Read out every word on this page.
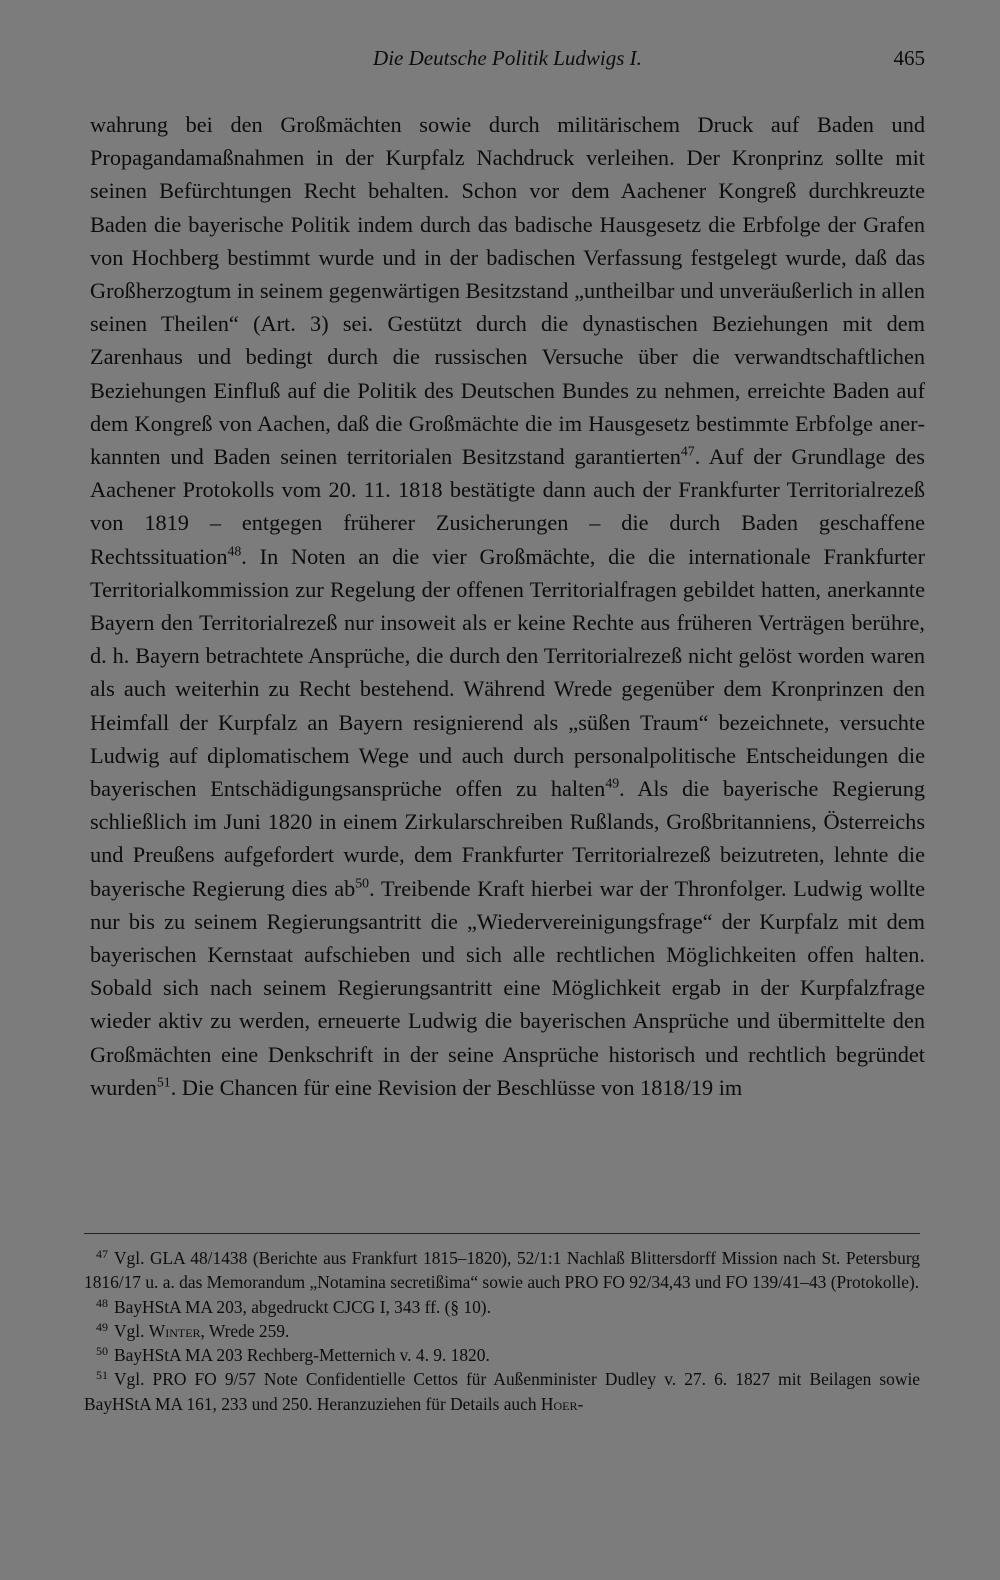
Die Deutsche Politik Ludwigs I.	465

wahrung bei den Großmächten sowie durch militärischem Druck auf Baden und Propagandamaßnahmen in der Kurpfalz Nachdruck verleihen. Der Kronprinz sollte mit seinen Befürchtungen Recht behalten. Schon vor dem Aachener Kongreß durchkreuzte Baden die bayerische Politik indem durch das badische Hausgesetz die Erbfolge der Grafen von Hochberg bestimmt wurde und in der badischen Verfassung festgelegt wurde, daß das Großherzogtum in seinem gegenwärtigen Besitzstand „untheilbar und unveräußerlich in allen seinen Theilen“ (Art. 3) sei. Gestützt durch die dynastischen Beziehungen mit dem Zarenhaus und bedingt durch die russischen Versuche über die verwandtschaftlichen Beziehungen Einfluß auf die Politik des Deutschen Bundes zu nehmen, erreichte Baden auf dem Kongreß von Aachen, daß die Großmächte die im Hausgesetz bestimmte Erbfolge anerkannten und Baden seinen territorialen Besitzstand garantierten$^{47}$. Auf der Grundlage des Aachener Protokolls vom 20. 11. 1818 bestätigte dann auch der Frankfurter Territorialrezeß von 1819 – entgegen früherer Zusicherungen – die durch Baden geschaffene Rechtssituation$^{48}$. In Noten an die vier Großmächte, die die internationale Frankfurter Territorialkommission zur Regelung der offenen Territorialfragen gebildet hatten, anerkannte Bayern den Territorialrezeß nur insoweit als er keine Rechte aus früheren Verträgen berühre, d. h. Bayern betrachtete Ansprüche, die durch den Territorialrezeß nicht gelöst worden waren als auch weiterhin zu Recht bestehend. Während Wrede gegenüber dem Kronprinzen den Heimfall der Kurpfalz an Bayern resignierend als „süßen Traum“ bezeichnete, versuchte Ludwig auf diplomatischem Wege und auch durch personalpolitische Entscheidungen die bayerischen Entschädigungsansprüche offen zu halten$^{49}$. Als die bayerische Regierung schließlich im Juni 1820 in einem Zirkularschreiben Rußlands, Großbritanniens, Österreichs und Preußens aufgefordert wurde, dem Frankfurter Territorialrezeß beizutreten, lehnte die bayerische Regierung dies $ab^{50}$. Treibende Kraft hierbei war der Thronfolger. Ludwig wollte nur bis zu seinem Regierungsantritt die „Wiedervereinigungsfrage“ der Kurpfalz mit dem bayerischen Kernstaat aufschieben und sich alle rechtlichen Möglichkeiten offen halten. Sobald sich nach seinem Regierungsantritt eine Möglichkeit ergab in der Kurpfalzfrage wieder aktiv zu werden, erneuerte Ludwig die bayerischen Ansprüche und übermittelte den Großmächten eine Denkschrift in der seine Ansprüche historisch und rechtlich begründet wurden$^{51}$. Die Chancen für eine Revision der Beschlüsse von 1818/19 im

47 Vgl. GLA 48/1438 (Berichte aus Frankfurt 1815–1820), 52/1:1 Nachlaß Blittersdorff Mission nach St. Petersburg 1816/17 u. a. das Memorandum „Notamina secretißima“ sowie auch PRO FO 92/34,43 und FO 139/41–43 (Protokolle).

48 BayHStA MA 203, abgedruckt CJCG I, 343 ff. (§ 10).

49 Vgl. Winter, Wrede 259.

50 BayHStA MA 203 Rechberg-Metternich v. 4. 9. 1820.

51 Vgl. PRO FO 9/57 Note Confidentielle Cettos für Außenminister Dudley v. 27. 6. 1827 mit Beilagen sowie BayHStA MA 161, 233 und 250. Heranzuziehen für Details auch Hoer-
